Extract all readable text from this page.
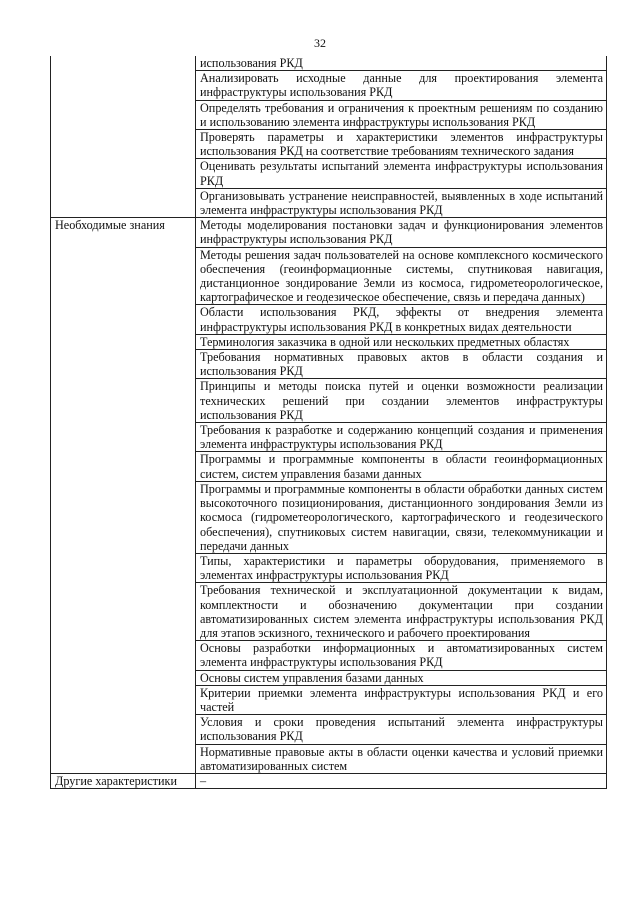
32
	использования РКД
	Анализировать исходные данные для проектирования элемента инфраструктуры использования РКД
	Определять требования и ограничения к проектным решениям по созданию и использованию элемента инфраструктуры использования РКД
	Проверять параметры и характеристики элементов инфраструктуры использования РКД на соответствие требованиям технического задания
	Оценивать результаты испытаний элемента инфраструктуры использования РКД
	Организовывать устранение неисправностей, выявленных в ходе испытаний элемента инфраструктуры использования РКД
Необходимые знания	Методы моделирования постановки задач и функционирования элементов инфраструктуры использования РКД
	Методы решения задач пользователей на основе комплексного космического обеспечения (геоинформационные системы, спутниковая навигация, дистанционное зондирование Земли из космоса, гидрометеорологическое, картографическое и геодезическое обеспечение, связь и передача данных)
	Области использования РКД, эффекты от внедрения элемента инфраструктуры использования РКД в конкретных видах деятельности
	Терминология заказчика в одной или нескольких предметных областях
	Требования нормативных правовых актов в области создания и использования РКД
	Принципы и методы поиска путей и оценки возможности реализации технических решений при создании элементов инфраструктуры использования РКД
	Требования к разработке и содержанию концепций создания и применения элемента инфраструктуры использования РКД
	Программы и программные компоненты в области геоинформационных систем, систем управления базами данных
	Программы и программные компоненты в области обработки данных систем высокоточного позиционирования, дистанционного зондирования Земли из космоса (гидрометеорологического, картографического и геодезического обеспечения), спутниковых систем навигации, связи, телекоммуникации и передачи данных
	Типы, характеристики и параметры оборудования, применяемого в элементах инфраструктуры использования РКД
	Требования технической и эксплуатационной документации к видам, комплектности и обозначению документации при создании автоматизированных систем элемента инфраструктуры использования РКД для этапов эскизного, технического и рабочего проектирования
	Основы разработки информационных и автоматизированных систем элемента инфраструктуры использования РКД
	Основы систем управления базами данных
	Критерии приемки элемента инфраструктуры использования РКД и его частей
	Условия и сроки проведения испытаний элемента инфраструктуры использования РКД
	Нормативные правовые акты в области оценки качества и условий приемки автоматизированных систем
Другие характеристики	–
